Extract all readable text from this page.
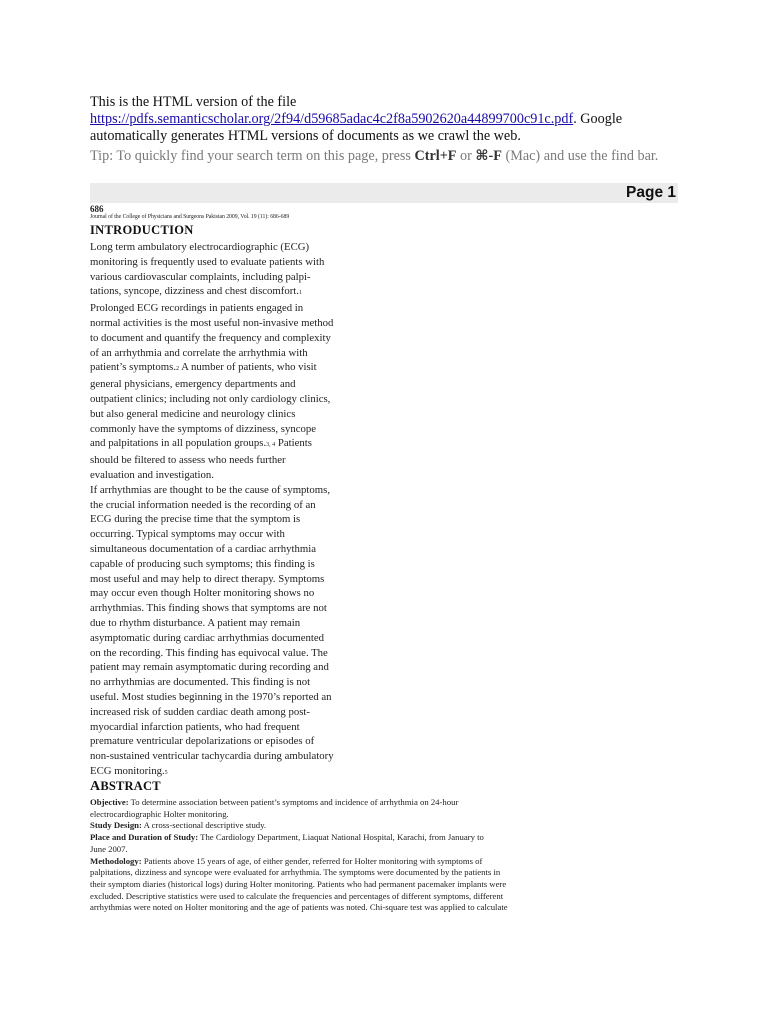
This is the HTML version of the file
https://pdfs.semanticscholar.org/2f94/d59685adac4c2f8a5902620a44899700c91c.pdf. Google automatically generates HTML versions of documents as we crawl the web.
Tip: To quickly find your search term on this page, press Ctrl+F or ⌘-F (Mac) and use the find bar.
Page 1
686
Journal of the College of Physicians and Surgeons Pakistan 2009, Vol. 19 (11): 686-689
INTRODUCTION
Long term ambulatory electrocardiographic (ECG)
monitoring is frequently used to evaluate patients with
various cardiovascular complaints, including palpi-
tations, syncope, dizziness and chest discomfort.1
Prolonged ECG recordings in patients engaged in
normal activities is the most useful non-invasive method
to document and quantify the frequency and complexity
of an arrhythmia and correlate the arrhythmia with
patient’s symptoms.2 A number of patients, who visit
general physicians, emergency departments and
outpatient clinics; including not only cardiology clinics,
but also general medicine and neurology clinics
commonly have the symptoms of dizziness, syncope
and palpitations in all population groups.3, 4 Patients
should be filtered to assess who needs further
evaluation and investigation.
If arrhythmias are thought to be the cause of symptoms,
the crucial information needed is the recording of an
ECG during the precise time that the symptom is
occurring. Typical symptoms may occur with
simultaneous documentation of a cardiac arrhythmia
capable of producing such symptoms; this finding is
most useful and may help to direct therapy. Symptoms
may occur even though Holter monitoring shows no
arrhythmias. This finding shows that symptoms are not
due to rhythm disturbance. A patient may remain
asymptomatic during cardiac arrhythmias documented
on the recording. This finding has equivocal value. The
patient may remain asymptomatic during recording and
no arrhythmias are documented. This finding is not
useful. Most studies beginning in the 1970’s reported an
increased risk of sudden cardiac death among post-
myocardial infarction patients, who had frequent
premature ventricular depolarizations or episodes of
non-sustained ventricular tachycardia during ambulatory
ECG monitoring.5
ABSTRACT
Objective: To determine association between patient’s symptoms and incidence of arrhythmia on 24-hour
electrocardiographic Holter monitoring.
Study Design: A cross-sectional descriptive study.
Place and Duration of Study: The Cardiology Department, Liaquat National Hospital, Karachi, from January to
June 2007.
Methodology: Patients above 15 years of age, of either gender, referred for Holter monitoring with symptoms of
palpitations, dizziness and syncope were evaluated for arrhythmia. The symptoms were documented by the patients in
their symptom diaries (historical logs) during Holter monitoring. Patients who had permanent pacemaker implants were
excluded. Descriptive statistics were used to calculate the frequencies and percentages of different symptoms, different
arrhythmias were noted on Holter monitoring and the age of patients was noted. Chi-square test was applied to calculate
